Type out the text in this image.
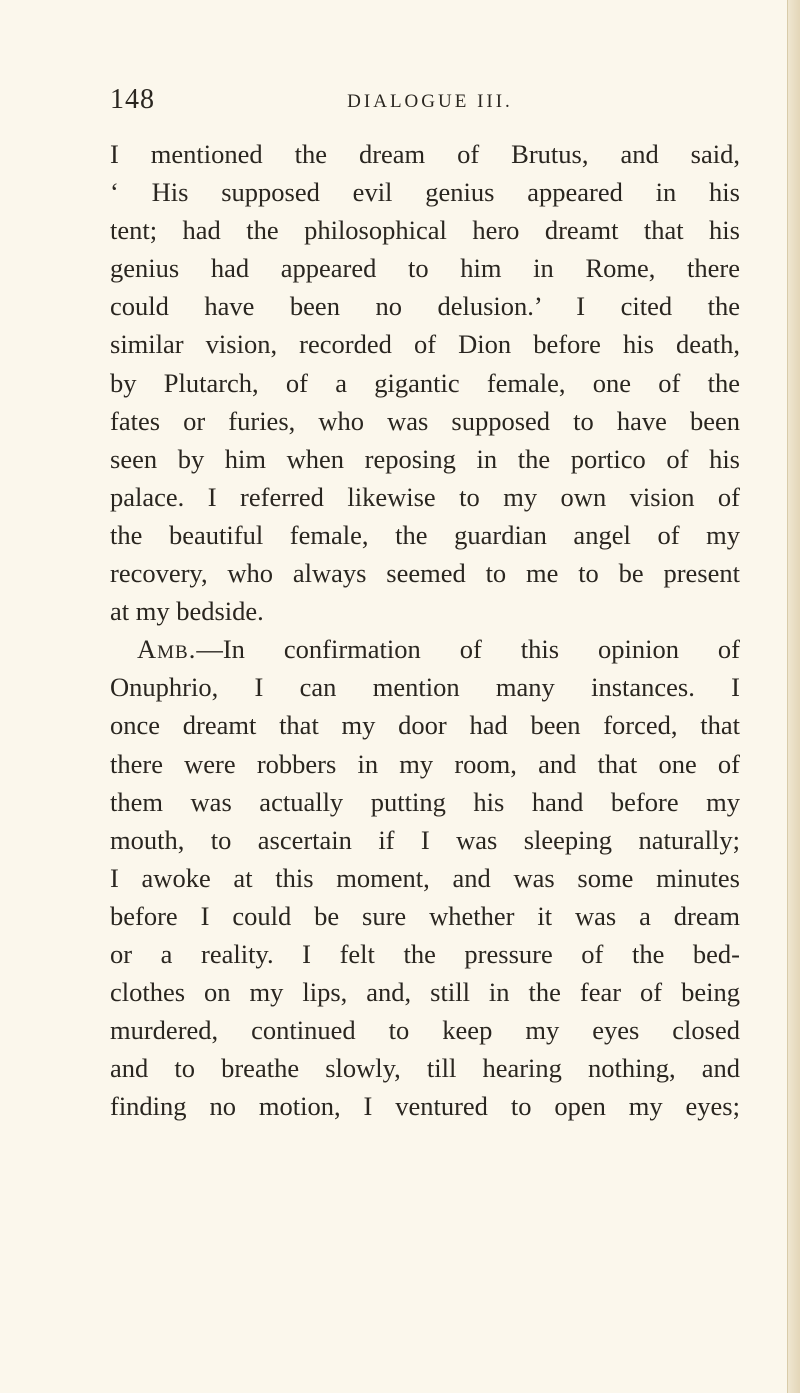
148	DIALOGUE III.
I mentioned the dream of Brutus, and said,
‘ His supposed evil genius appeared in his
tent; had the philosophical hero dreamt that his
genius had appeared to him in Rome, there
could have been no delusion.’ I cited the
similar vision, recorded of Dion before his death,
by Plutarch, of a gigantic female, one of the
fates or furies, who was supposed to have been
seen by him when reposing in the portico of his
palace. I referred likewise to my own vision of
the beautiful female, the guardian angel of my
recovery, who always seemed to me to be present
at my bedside.
Amb.—In confirmation of this opinion of
Onuphrio, I can mention many instances. I
once dreamt that my door had been forced, that
there were robbers in my room, and that one of
them was actually putting his hand before my
mouth, to ascertain if I was sleeping naturally;
I awoke at this moment, and was some minutes
before I could be sure whether it was a dream
or a reality. I felt the pressure of the bed-
clothes on my lips, and, still in the fear of being
murdered, continued to keep my eyes closed
and to breathe slowly, till hearing nothing, and
finding no motion, I ventured to open my eyes;
